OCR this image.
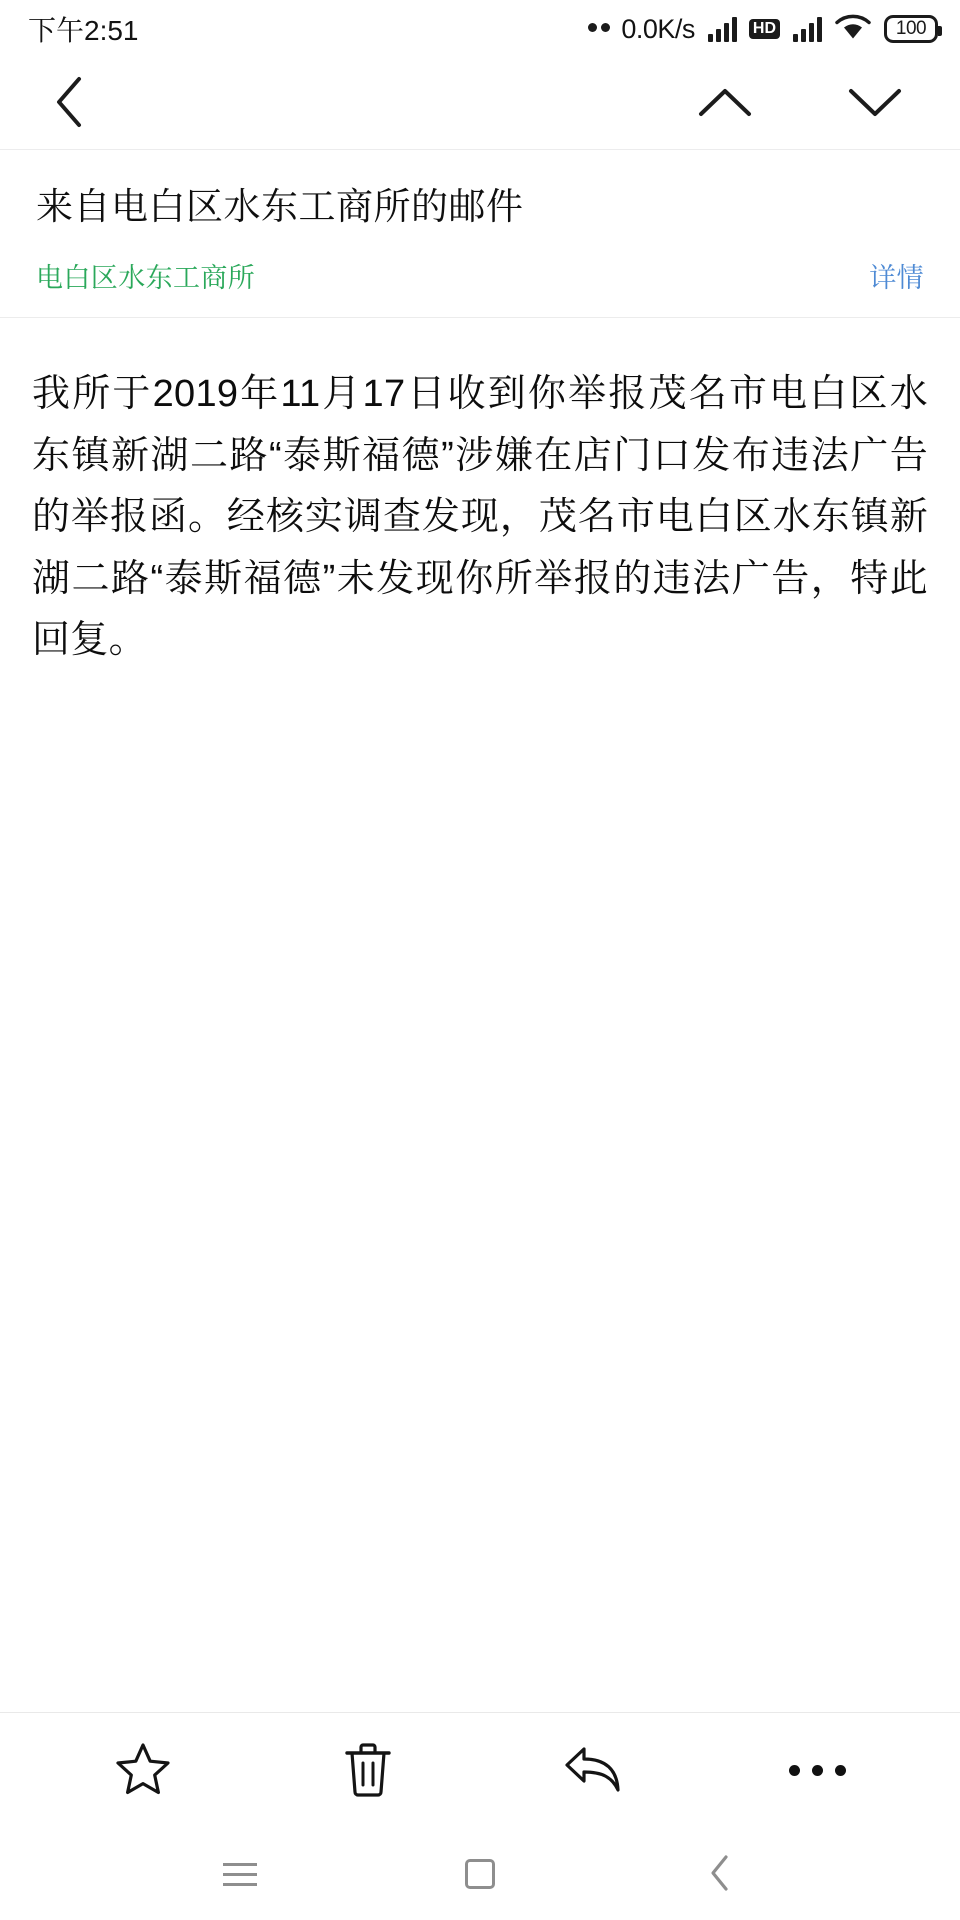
下午2:51	0.0K/s	HD	100
来自电白区水东工商所的邮件
电白区水东工商所	详情

我所于2019年11月17日收到你举报茂名市电白区水东镇新湖二路“泰斯福德”涉嫌在店门口发布违法广告的举报函。经核实调查发现，茂名市电白区水东镇新湖二路“泰斯福德”未发现你所举报的违法广告，特此回复。
